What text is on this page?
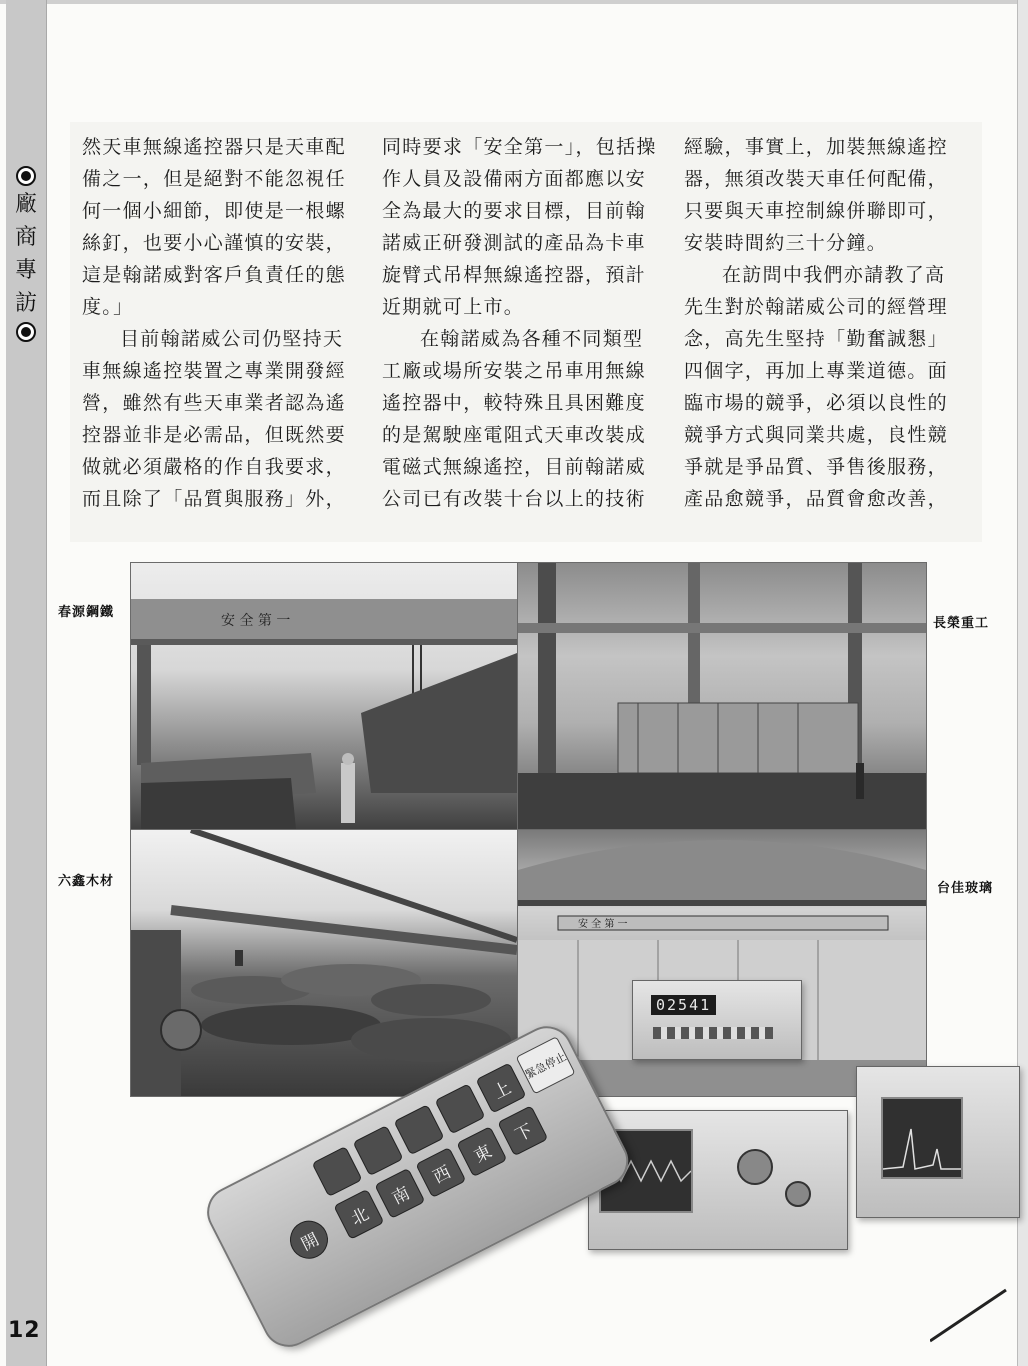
廠
商
專
訪

然天車無線遙控器只是天車配備之一，但是絕對不能忽視任何一個小細節，即使是一根螺絲釘，也要小心謹慎的安裝，這是翰諾威對客戶負責任的態度。」

目前翰諾威公司仍堅持天車無線遙控裝置之專業開發經營，雖然有些天車業者認為遙控器並非是必需品，但既然要做就必須嚴格的作自我要求，而且除了「品質與服務」外，

同時要求「安全第一」，包括操作人員及設備兩方面都應以安全為最大的要求目標，目前翰諾威正研發測試的產品為卡車旋臂式吊桿無線遙控器，預計近期就可上市。

在翰諾威為各種不同類型工廠或場所安裝之吊車用無線遙控器中，較特殊且具困難度的是駕駛座電阻式天車改裝成電磁式無線遙控，目前翰諾威公司已有改裝十台以上的技術

經驗，事實上，加裝無線遙控器，無須改裝天車任何配備，只要與天車控制線併聯即可，安裝時間約三十分鐘。

在訪問中我們亦請教了高先生對於翰諾威公司的經營理念，高先生堅持「勤奮誠懇」四個字，再加上專業道德。面臨市場的競爭，必須以良性的競爭方式與同業共處，良性競爭就是爭品質、爭售後服務，產品愈競爭，品質會愈改善，

安 全 第 一
春源鋼鐵
長榮重工
六鑫木材
安 全 第 一
台佳玻璃
02541
緊急停止
上
下
東
西
南
北
開
12
